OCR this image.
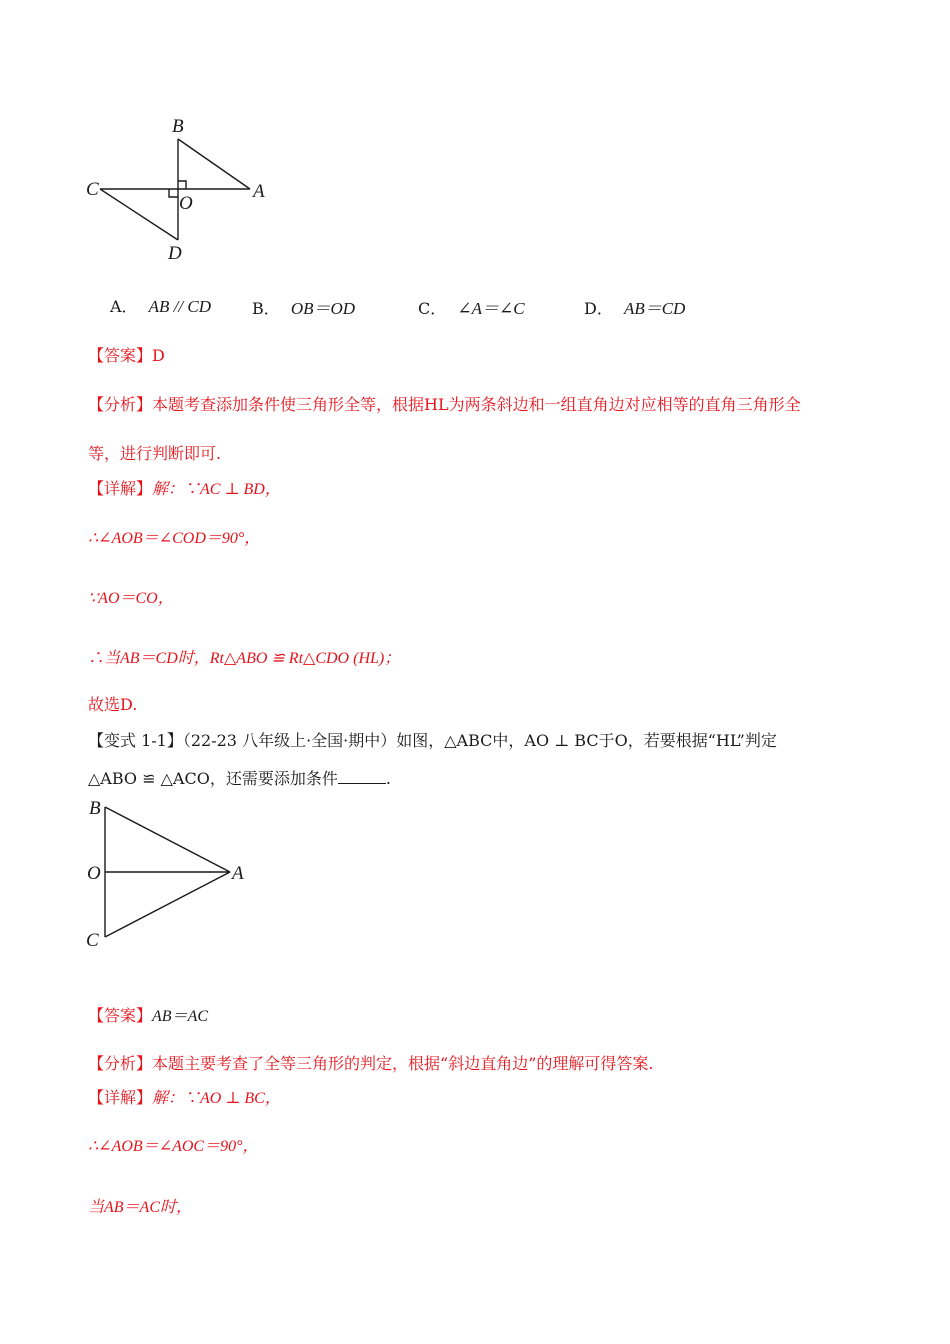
B
C
O
A
D
A． AB // CD	B． OB＝OD	C． ∠A＝∠C	D． AB＝CD
【答案】D
【分析】本题考查添加条件使三角形全等，根据HL为两条斜边和一组直角边对应相等的直角三角形全
等，进行判断即可.
【详解】解：∵AC ⊥ BD，
∴∠AOB＝∠COD＝90°，
∵AO＝CO，
∴当AB＝CD时，Rt△ABO ≌ Rt△CDO (HL)；
故选D.
【变式 1-1】（22-23 八年级上·全国·期中）如图，△ABC中，AO ⊥ BC于O，若要根据“HL”判定
△ABO ≌ △ACO，还需要添加条件	.
B
O	A
C
【答案】AB＝AC
【分析】本题主要考查了全等三角形的判定，根据“斜边直角边”的理解可得答案.
【详解】解：∵AO ⊥ BC，
∴∠AOB＝∠AOC＝90°，
当AB＝AC时，
